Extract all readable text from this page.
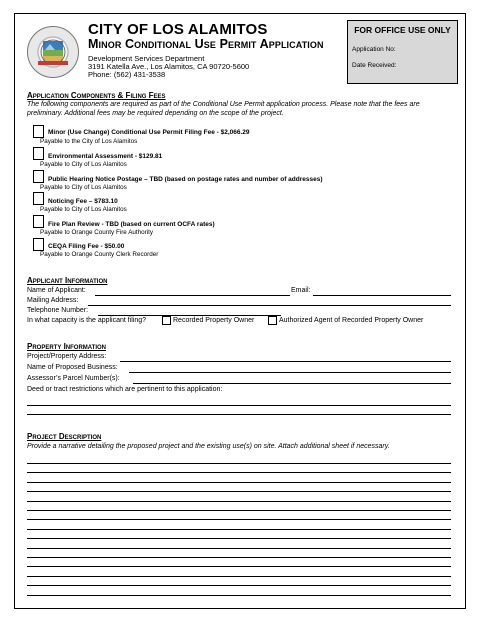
CITY OF LOS ALAMITOS
Minor Conditional Use Permit Application
Development Services Department
3191 Katella Ave., Los Alamitos, CA 90720-5600
Phone: (562) 431-3538
FOR OFFICE USE ONLY
Application No:
Date Received:
Application Components & Filing Fees
The following components are required as part of the Conditional Use Permit application process. Please note that the fees are preliminary. Additional fees may be required depending on the scope of the project.
Minor (Use Change) Conditional Use Permit Filing Fee - $2,066.29
Payable to the City of Los Alamitos
Environmental Assessment - $129.81
Payable to City of Los Alamitos
Public Hearing Notice Postage – TBD (based on postage rates and number of addresses)
Payable to City of Los Alamitos
Noticing Fee – $783.10
Payable to City of Los Alamitos
Fire Plan Review - TBD (based on current OCFA rates)
Payable to Orange County Fire Authority
CEQA Filing Fee - $50.00
Payable to Orange County Clerk Recorder
Applicant Information
Name of Applicant:	Email:
Mailing Address:
Telephone Number:
In what capacity is the applicant filing?	Recorded Property Owner	Authorized Agent of Recorded Property Owner
Property Information
Project/Property Address:
Name of Proposed Business:
Assessor’s Parcel Number(s):
Deed or tract restrictions which are pertinent to this application:
Project Description
Provide a narrative detailing the proposed project and the existing use(s) on site. Attach additional sheet if necessary.
